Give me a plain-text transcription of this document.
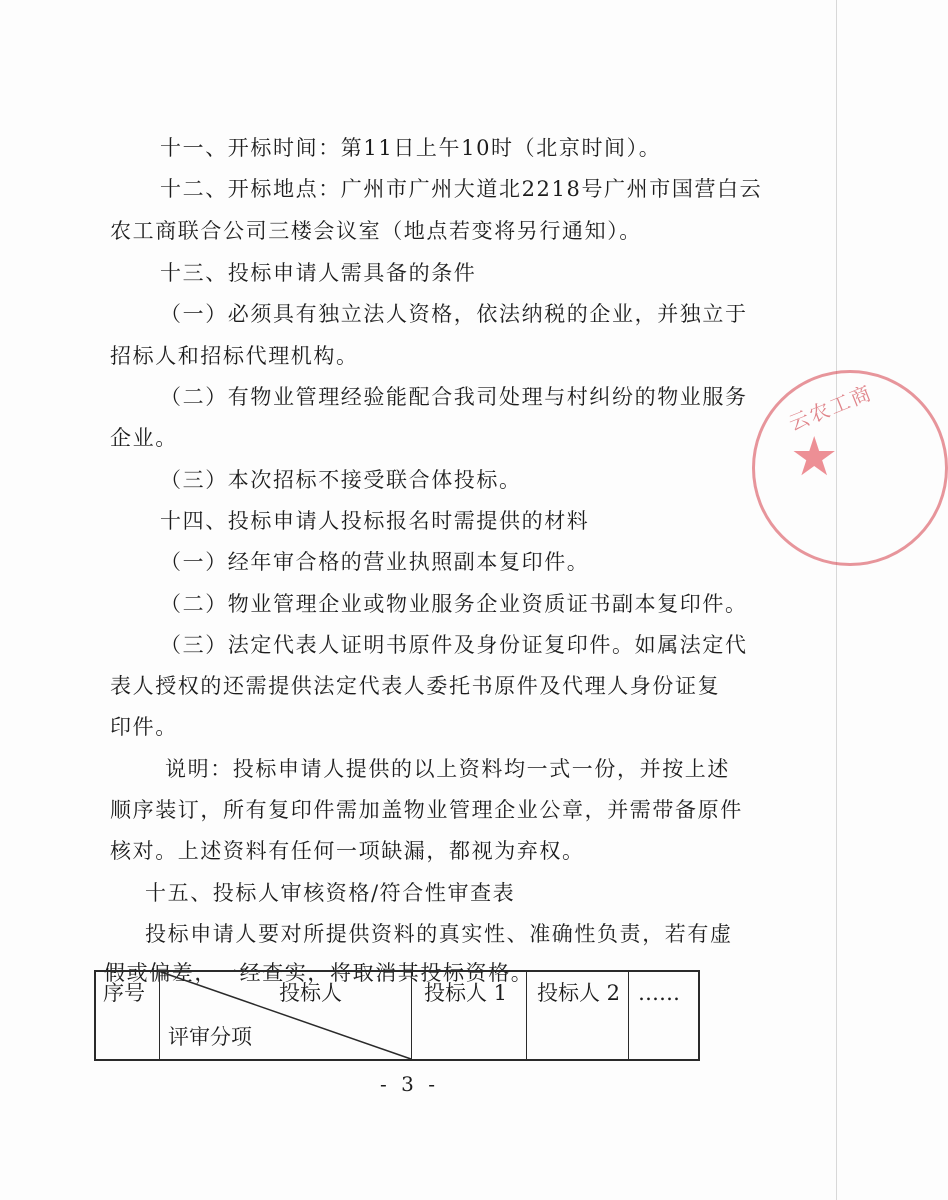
云农工商
★
十一、开标时间：第11日上午10时（北京时间）。
十二、开标地点：广州市广州大道北2218号广州市国营白云
农工商联合公司三楼会议室（地点若变将另行通知）。
十三、投标申请人需具备的条件
（一）必须具有独立法人资格，依法纳税的企业，并独立于
招标人和招标代理机构。
（二）有物业管理经验能配合我司处理与村纠纷的物业服务
企业。
（三）本次招标不接受联合体投标。
十四、投标申请人投标报名时需提供的材料
（一）经年审合格的营业执照副本复印件。
（二）物业管理企业或物业服务企业资质证书副本复印件。
（三）法定代表人证明书原件及身份证复印件。如属法定代
表人授权的还需提供法定代表人委托书原件及代理人身份证复
印件。
说明：投标申请人提供的以上资料均一式一份，并按上述
顺序装订，所有复印件需加盖物业管理企业公章，并需带备原件
核对。上述资料有任何一项缺漏，都视为弃权。
十五、投标人审核资格/符合性审查表
投标申请人要对所提供资料的真实性、准确性负责，若有虚
假或偏差，一经查实，将取消其投标资格。
序号	投标人
评审分项
投标人 1 投标人 2 ……
- 3 -
